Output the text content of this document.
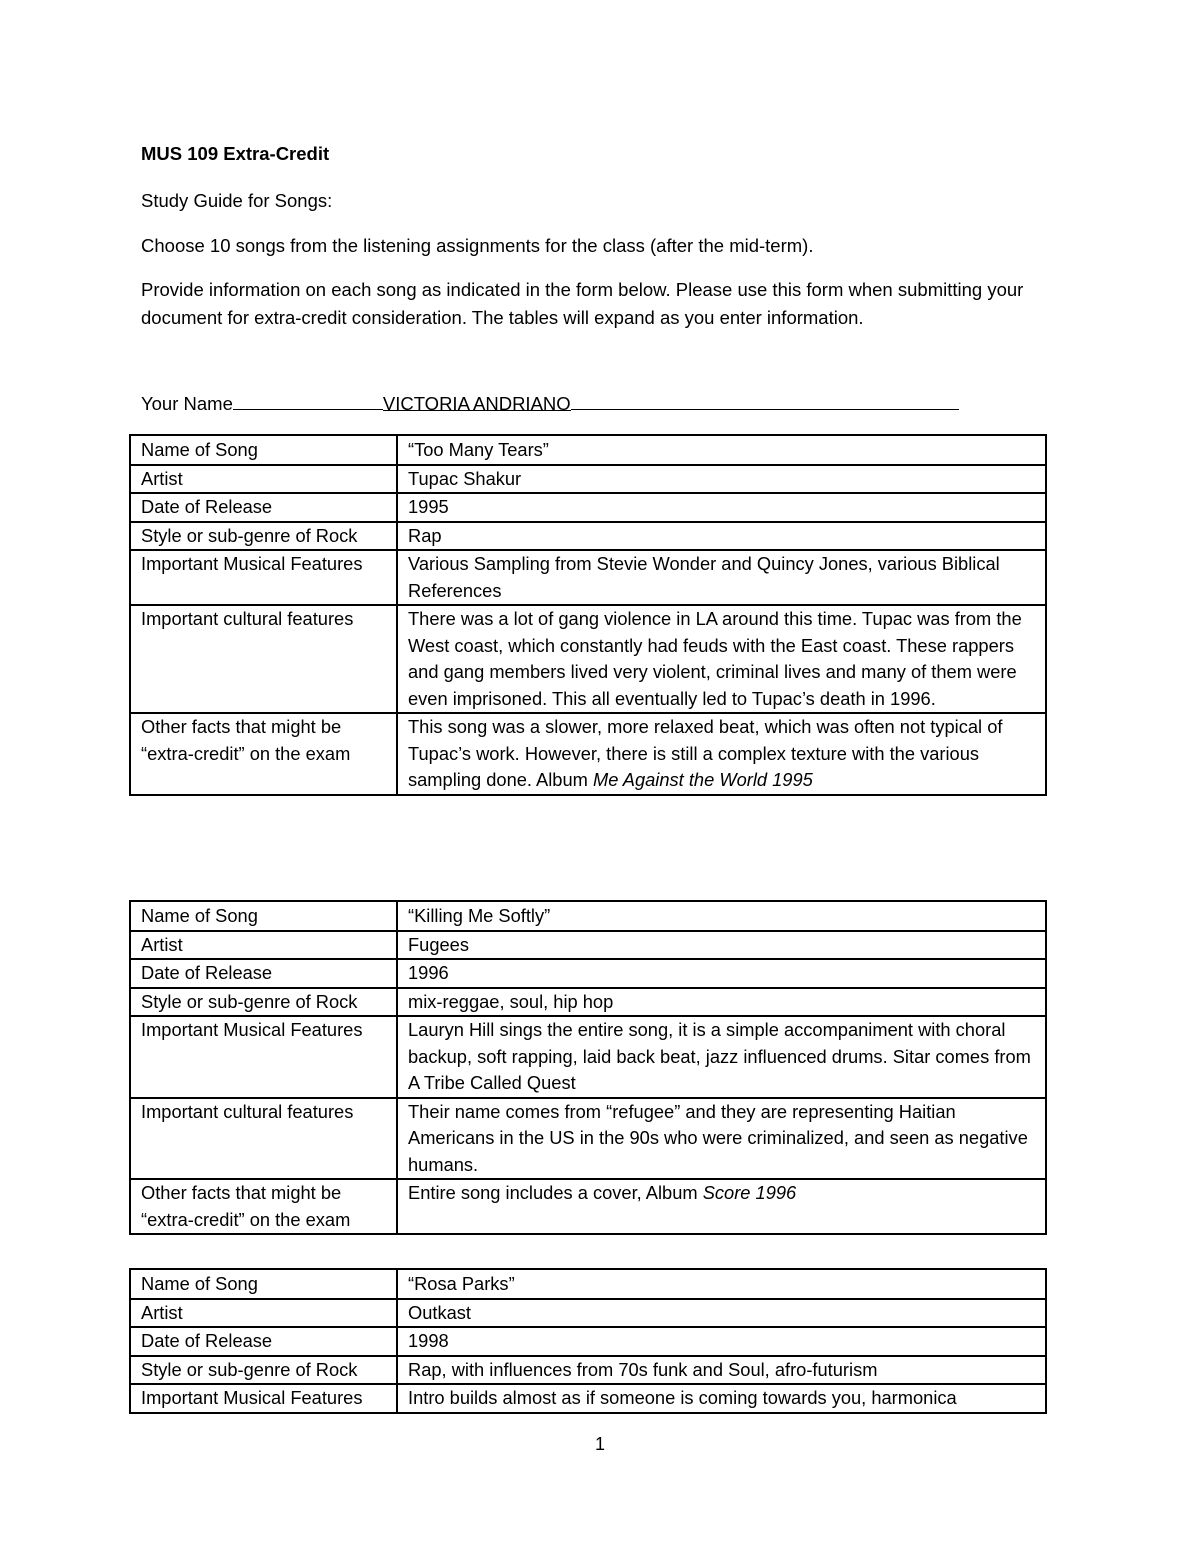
MUS 109 Extra-Credit
Study Guide for Songs:
Choose 10 songs from the listening assignments for the class (after the mid-term).
Provide information on each song as indicated in the form below. Please use this form when submitting your document for extra-credit consideration. The tables will expand as you enter information.
Your Name	VICTORIA ANDRIANO
Name of Song	“Too Many Tears”
Artist	Tupac Shakur
Date of Release	1995
Style or sub-genre of Rock	Rap
Important Musical Features	Various Sampling from Stevie Wonder and Quincy Jones, various Biblical References
Important cultural features	There was a lot of gang violence in LA around this time. Tupac was from the West coast, which constantly had feuds with the East coast. These rappers and gang members lived very violent, criminal lives and many of them were even imprisoned. This all eventually led to Tupac’s death in 1996.
Other facts that might be “extra-credit” on the exam	This song was a slower, more relaxed beat, which was often not typical of Tupac’s work. However, there is still a complex texture with the various sampling done. Album Me Against the World 1995
Name of Song	“Killing Me Softly”
Artist	Fugees
Date of Release	1996
Style or sub-genre of Rock	mix-reggae, soul, hip hop
Important Musical Features	Lauryn Hill sings the entire song, it is a simple accompaniment with choral backup, soft rapping, laid back beat, jazz influenced drums. Sitar comes from A Tribe Called Quest
Important cultural features	Their name comes from “refugee” and they are representing Haitian Americans in the US in the 90s who were criminalized, and seen as negative humans.
Other facts that might be “extra-credit” on the exam	Entire song includes a cover, Album Score 1996
Name of Song	“Rosa Parks”
Artist	Outkast
Date of Release	1998
Style or sub-genre of Rock	Rap, with influences from 70s funk and Soul, afro-futurism
Important Musical Features	Intro builds almost as if someone is coming towards you, harmonica
1
